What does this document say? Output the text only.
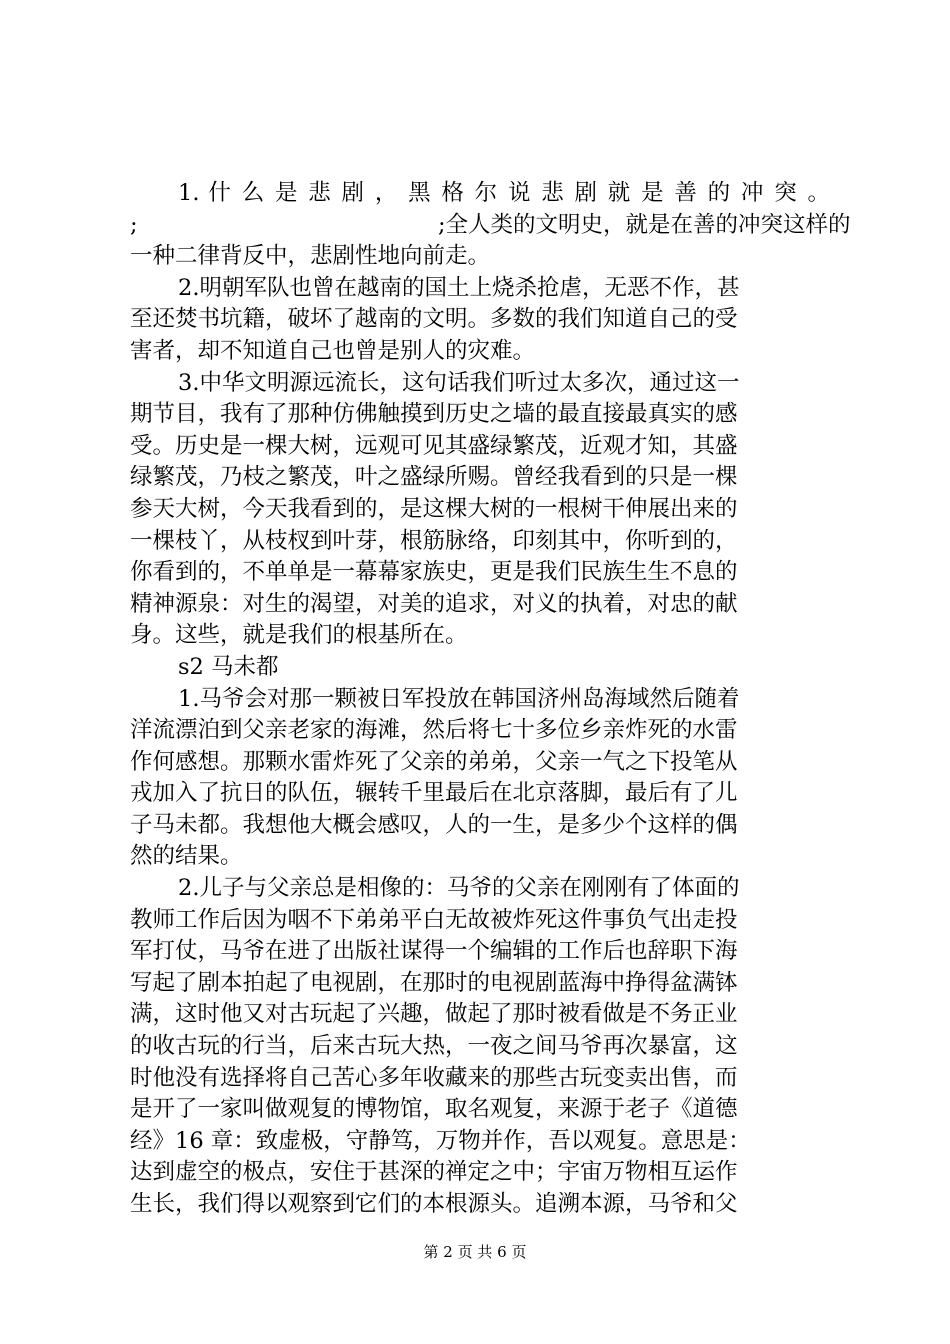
1. 什 么 是 悲 剧 ， 黑 格 尔 说 悲 剧 就 是 善 的 冲 突 。
;                                          ;全人类的文明史，就是在善的冲突这样的
一种二律背反中，悲剧性地向前走。
2.明朝军队也曾在越南的国土上烧杀抢虐，无恶不作，甚
至还焚书坑籍，破坏了越南的文明。多数的我们知道自己的受
害者，却不知道自己也曾是别人的灾难。
3.中华文明源远流长，这句话我们听过太多次，通过这一
期节目，我有了那种仿佛触摸到历史之墙的最直接最真实的感
受。历史是一棵大树，远观可见其盛绿繁茂，近观才知，其盛
绿繁茂，乃枝之繁茂，叶之盛绿所赐。曾经我看到的只是一棵
参天大树，今天我看到的，是这棵大树的一根树干伸展出来的
一棵枝丫，从枝杈到叶芽，根筋脉络，印刻其中，你听到的，
你看到的，不单单是一幕幕家族史，更是我们民族生生不息的
精神源泉：对生的渴望，对美的追求，对义的执着，对忠的献
身。这些，就是我们的根基所在。
s2 马未都
1.马爷会对那一颗被日军投放在韩国济州岛海域然后随着
洋流漂泊到父亲老家的海滩，然后将七十多位乡亲炸死的水雷
作何感想。那颗水雷炸死了父亲的弟弟，父亲一气之下投笔从
戎加入了抗日的队伍，辗转千里最后在北京落脚，最后有了儿
子马未都。我想他大概会感叹，人的一生，是多少个这样的偶
然的结果。
2.儿子与父亲总是相像的：马爷的父亲在刚刚有了体面的
教师工作后因为咽不下弟弟平白无故被炸死这件事负气出走投
军打仗，马爷在进了出版社谋得一个编辑的工作后也辞职下海
写起了剧本拍起了电视剧，在那时的电视剧蓝海中挣得盆满钵
满，这时他又对古玩起了兴趣，做起了那时被看做是不务正业
的收古玩的行当，后来古玩大热，一夜之间马爷再次暴富，这
时他没有选择将自己苦心多年收藏来的那些古玩变卖出售，而
是开了一家叫做观复的博物馆，取名观复，来源于老子《道德
经》16 章：致虚极，守静笃，万物并作，吾以观复。意思是：
达到虚空的极点，安住于甚深的禅定之中；宇宙万物相互运作
生长，我们得以观察到它们的本根源头。追溯本源，马爷和父
第 2 页 共 6 页
